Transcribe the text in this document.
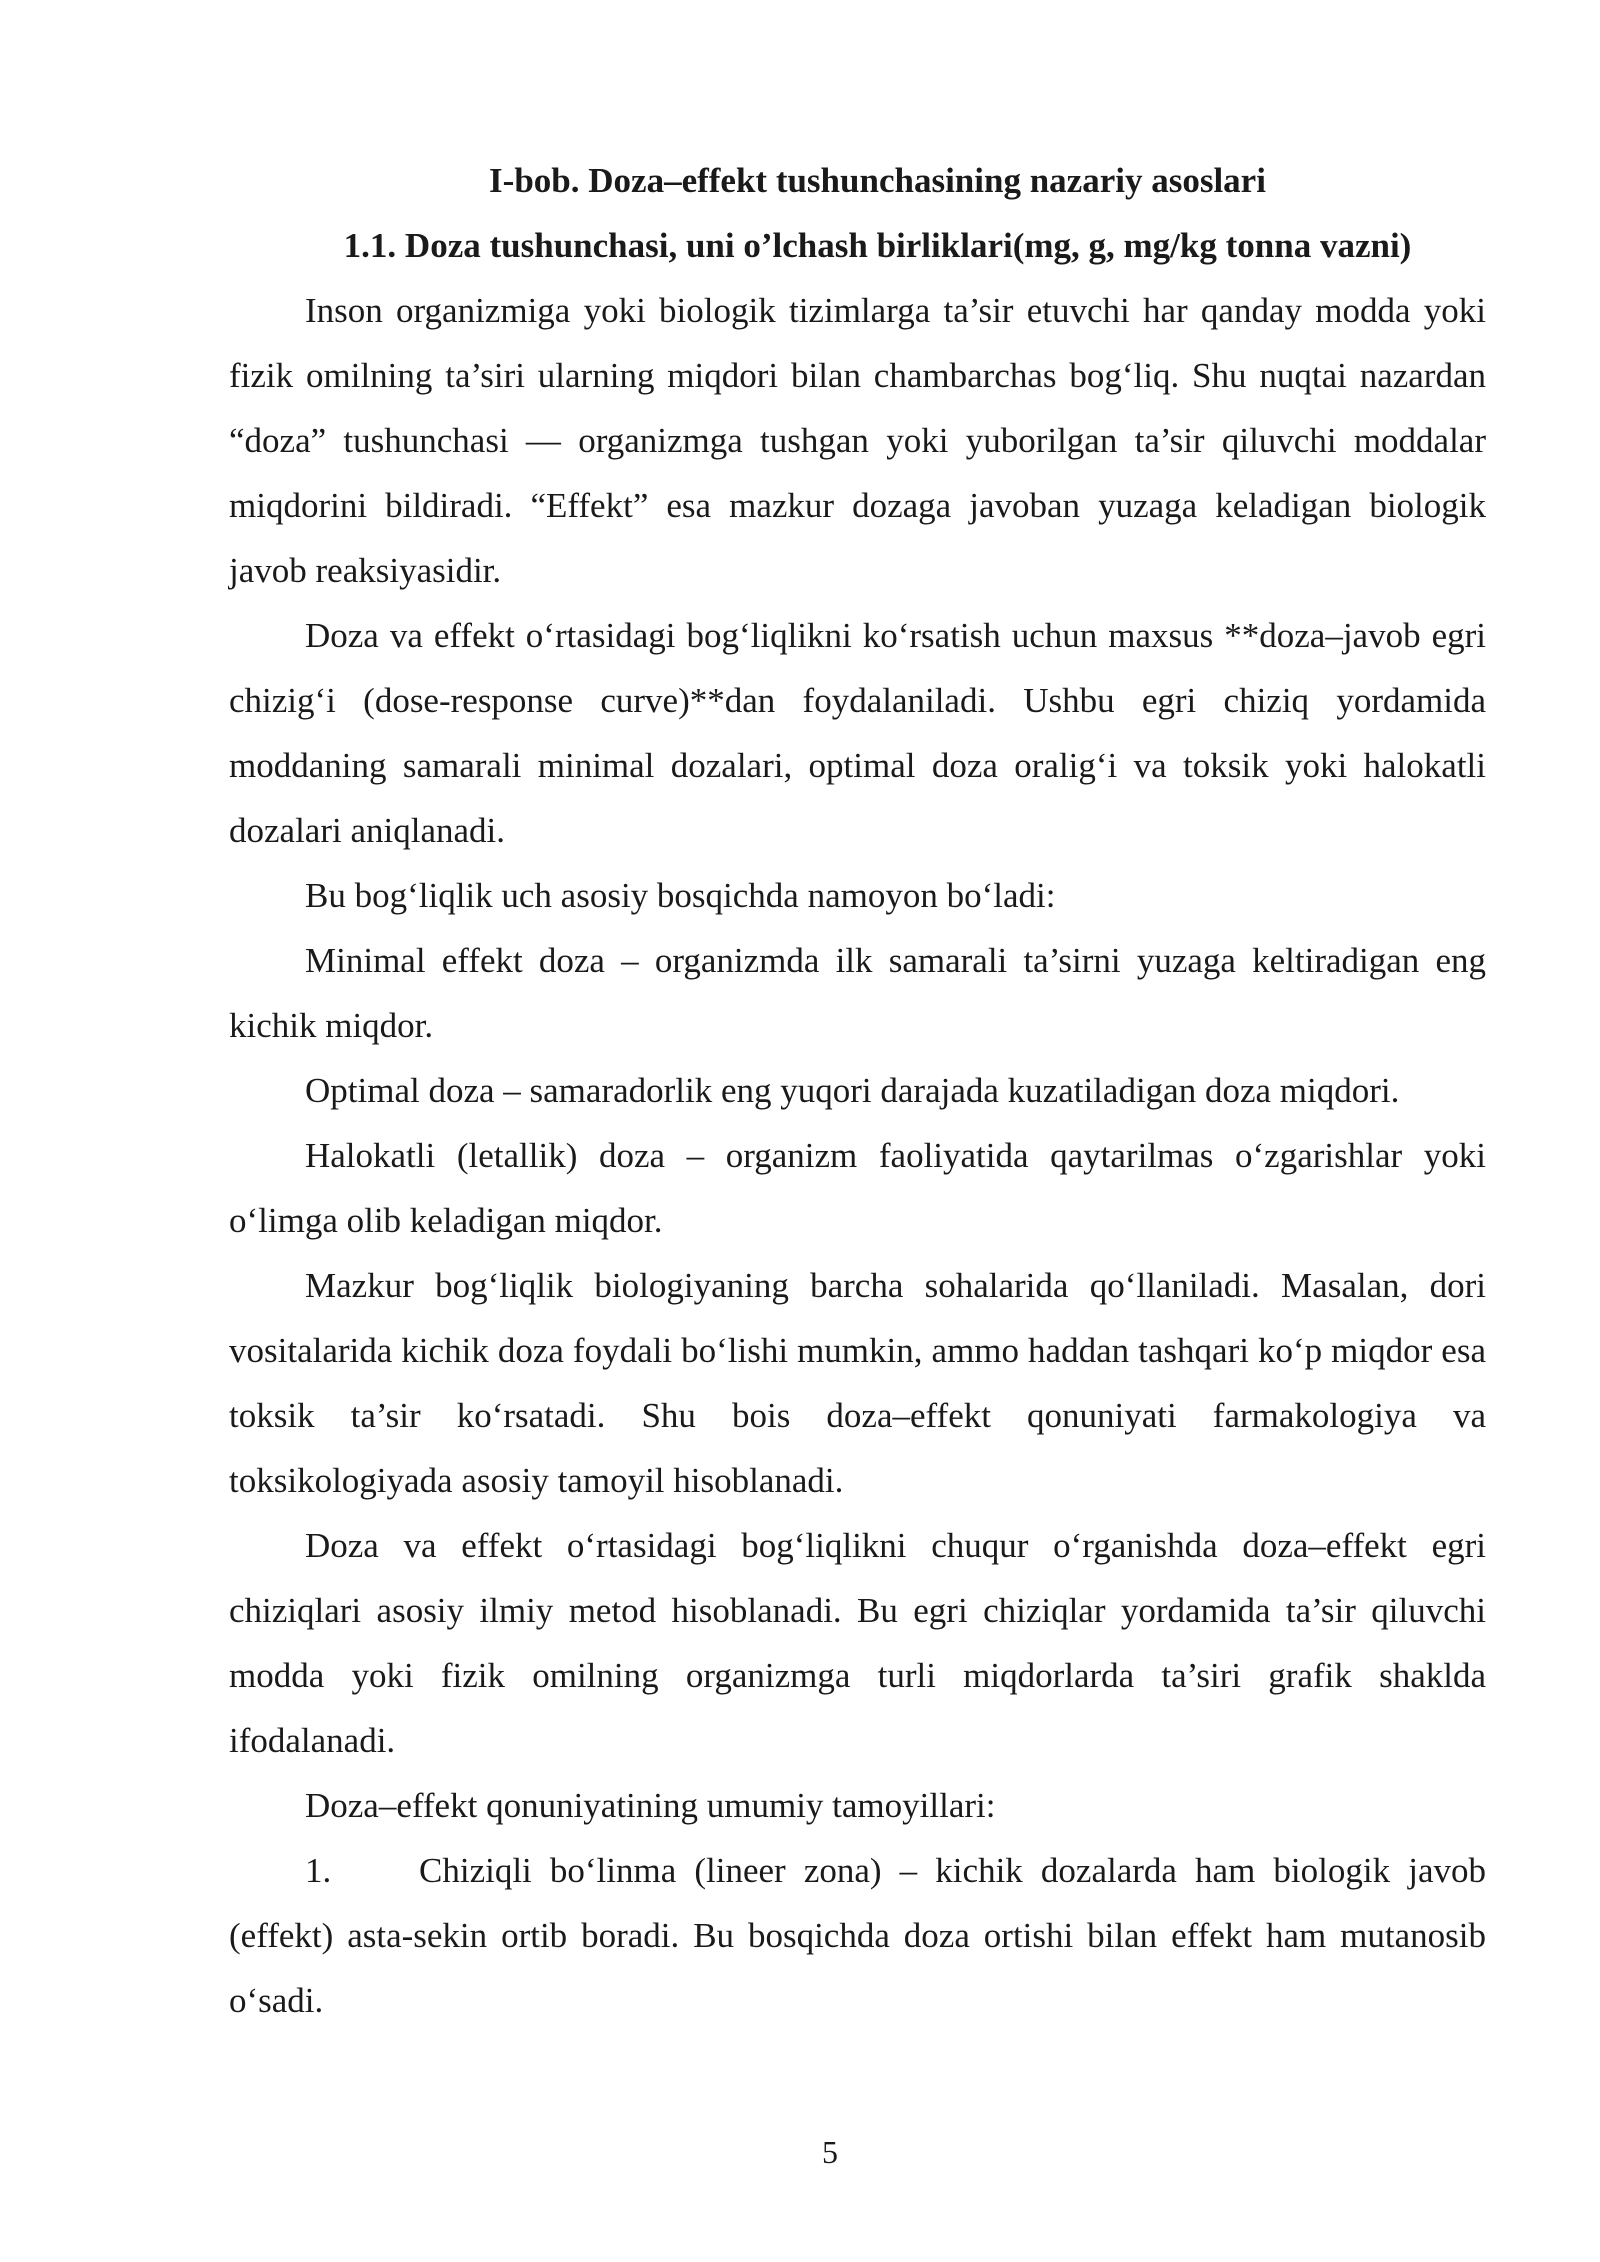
I-bob. Doza–effekt tushunchasining nazariy asoslari
1.1. Doza tushunchasi, uni o’lchash birliklari(mg, g, mg/kg tonna vazni)

Inson organizmiga yoki biologik tizimlarga ta’sir etuvchi har qanday modda yoki fizik omilning ta’siri ularning miqdori bilan chambarchas bog‘liq. Shu nuqtai nazardan “doza” tushunchasi — organizmga tushgan yoki yuborilgan ta’sir qiluvchi moddalar miqdorini bildiradi. “Effekt” esa mazkur dozaga javoban yuzaga keladigan biologik javob reaksiyasidir.

Doza va effekt o‘rtasidagi bog‘liqlikni ko‘rsatish uchun maxsus **doza–javob egri chizig‘i (dose-response curve)**dan foydalaniladi. Ushbu egri chiziq yordamida moddaning samarali minimal dozalari, optimal doza oralig‘i va toksik yoki halokatli dozalari aniqlanadi.

Bu bog‘liqlik uch asosiy bosqichda namoyon bo‘ladi:

Minimal effekt doza – organizmda ilk samarali ta’sirni yuzaga keltiradigan eng kichik miqdor.

Optimal doza – samaradorlik eng yuqori darajada kuzatiladigan doza miqdori.

Halokatli (letallik) doza – organizm faoliyatida qaytarilmas o‘zgarishlar yoki o‘limga olib keladigan miqdor.

Mazkur bog‘liqlik biologiyaning barcha sohalarida qo‘llaniladi. Masalan, dori vositalarida kichik doza foydali bo‘lishi mumkin, ammo haddan tashqari ko‘p miqdor esa toksik ta’sir ko‘rsatadi. Shu bois doza–effekt qonuniyati farmakologiya va toksikologiyada asosiy tamoyil hisoblanadi.

Doza va effekt o‘rtasidagi bog‘liqlikni chuqur o‘rganishda doza–effekt egri chiziqlari asosiy ilmiy metod hisoblanadi. Bu egri chiziqlar yordamida ta’sir qiluvchi modda yoki fizik omilning organizmga turli miqdorlarda ta’siri grafik shaklda ifodalanadi.

Doza–effekt qonuniyatining umumiy tamoyillari:

1.	Chiziqli bo‘linma (lineer zona) – kichik dozalarda ham biologik javob (effekt) asta-sekin ortib boradi. Bu bosqichda doza ortishi bilan effekt ham mutanosib o‘sadi.

5
